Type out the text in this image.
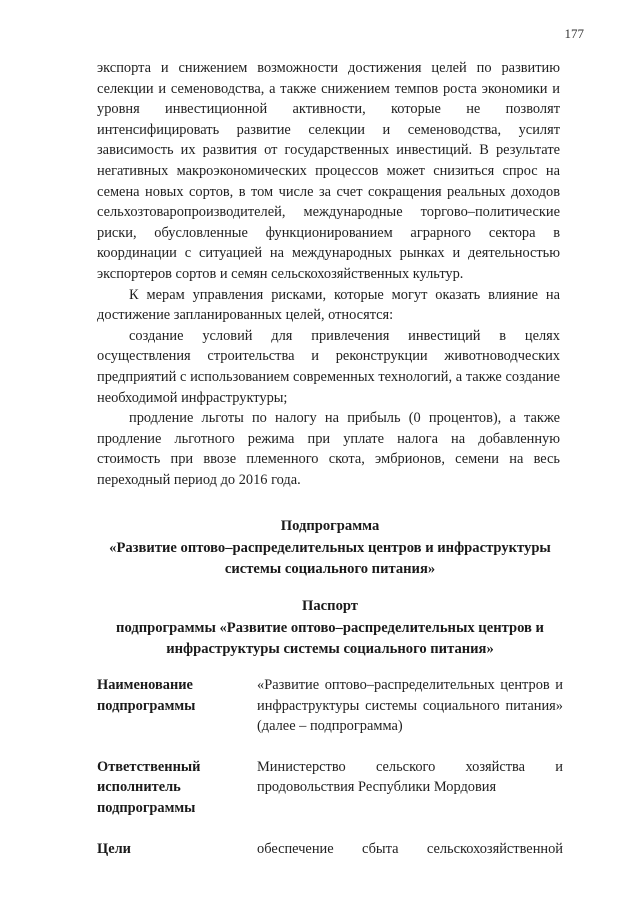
177

экспорта и снижением возможности достижения целей по развитию селекции и семеноводства, а также снижением темпов роста экономики и уровня инвестиционной активности, которые не позволят интенсифицировать развитие селекции и семеноводства, усилят зависимость их развития от государственных инвестиций. В результате негативных макроэкономических процессов может снизиться спрос на семена новых сортов, в том числе за счет сокращения реальных доходов сельхозтоваропроизводителей, международные торгово–политические риски, обусловленные функционированием аграрного сектора в координации с ситуацией на международных рынках и деятельностью экспортеров сортов и семян сельскохозяйственных культур.

К мерам управления рисками, которые могут оказать влияние на достижение запланированных целей, относятся:

создание условий для привлечения инвестиций в целях осуществления строительства и реконструкции животноводческих предприятий с использованием современных технологий, а также создание необходимой инфраструктуры;

продление льготы по налогу на прибыль (0 процентов), а также продление льготного режима при уплате налога на добавленную стоимость при ввозе племенного скота, эмбрионов, семени на весь переходный период до 2016 года.

Подпрограмма
«Развитие оптово–распределительных центров и инфраструктуры
системы социального питания»
Паспорт
подпрограммы «Развитие оптово–распределительных центров и
инфраструктуры системы социального питания»
Наименование подпрограммы
«Развитие оптово–распределительных центров и инфраструктуры системы социального питания» (далее – подпрограмма)
Ответственный исполнитель подпрограммы
Министерство сельского хозяйства и продовольствия Республики Мордовия
Цели	обеспечение сбыта сельскохозяйственной
